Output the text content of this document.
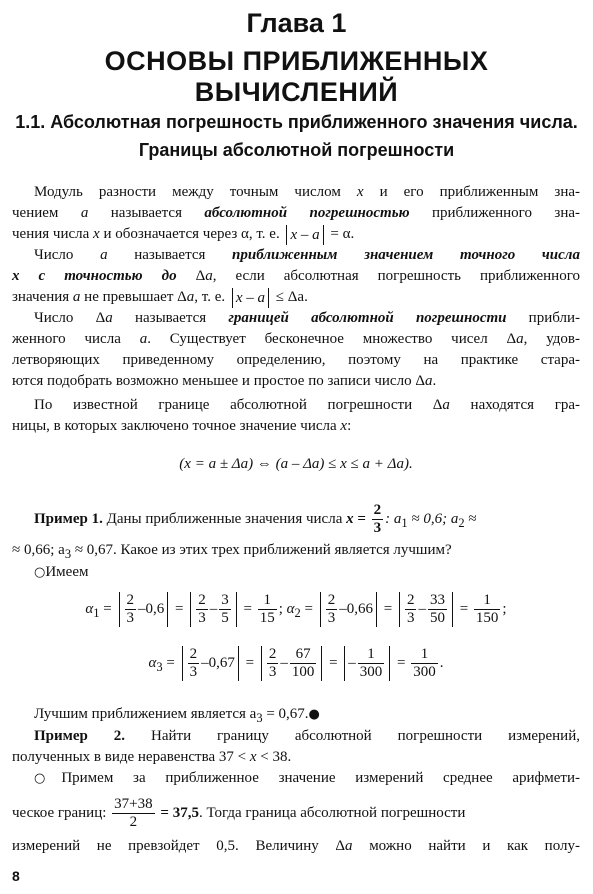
Глава 1
ОСНОВЫ ПРИБЛИЖЕННЫХ ВЫЧИСЛЕНИЙ
1.1. Абсолютная погрешность приближенного значения числа.
Границы абсолютной погрешности
Модуль разности между точным числом x и его приближенным зна-
чением a называется абсолютной погрешностью приближенного зна-
чения числа x и обозначается через α, т. е. x – a = α.
Число a называется приближенным значением точного числа
x с точностью до Δa, если абсолютная погрешность приближенного
значения a не превышает Δa, т. е. x – a ≤ Δa.
Число Δa называется границей абсолютной погрешности прибли-
женного числа a. Существует бесконечное множество чисел Δa, удов-
летворяющих приведенному определению, поэтому на практике стара-
ются подобрать возможно меньшее и простое по записи число Δa.
По известной границе абсолютной погрешности Δa находятся гра-
ницы, в которых заключено точное значение числа x:
(x = a ± Δa) ⇔ (a – Δa) ≤ x ≤ a + Δa).
Пример 1. Даны приближенные значения числа $x = \frac{2}{3}$ : $a_1 \approx 0,6$; $a_2$ ≈
≈ 0,66; $a_3 \approx 0,67$. Какое из этих трех приближений является лучшим?
○Имеем
$\alpha_1 = \frac{2}{3} -0,6 = \frac{2}{3} - \frac{3}{5} = \frac{1}{15}$ ; $\alpha_2 = \frac{2}{3} -0,66 = \frac{2}{3} - \frac{33}{50} = \frac{1}{150}$ ;
$\alpha_3 = \frac{2}{3} -0,67 = \frac{2}{3} - \frac{67}{100}$ = – $\frac{1}{300} = \frac{1}{300}$ .
Лучшим приближением является $a_3$ = 0,67.●
Пример 2. Найти границу абсолютной погрешности измерений,
полученных в виде неравенства 37 < x < 38.
○Примем за приближенное значение измерений среднее арифмети-
ческое границ: $\frac{37+38}{2} = 37,5$. Тогда граница абсолютной погрешности
измерений не превзойдет 0,5. Величину Δa можно найти и как полу-
8
